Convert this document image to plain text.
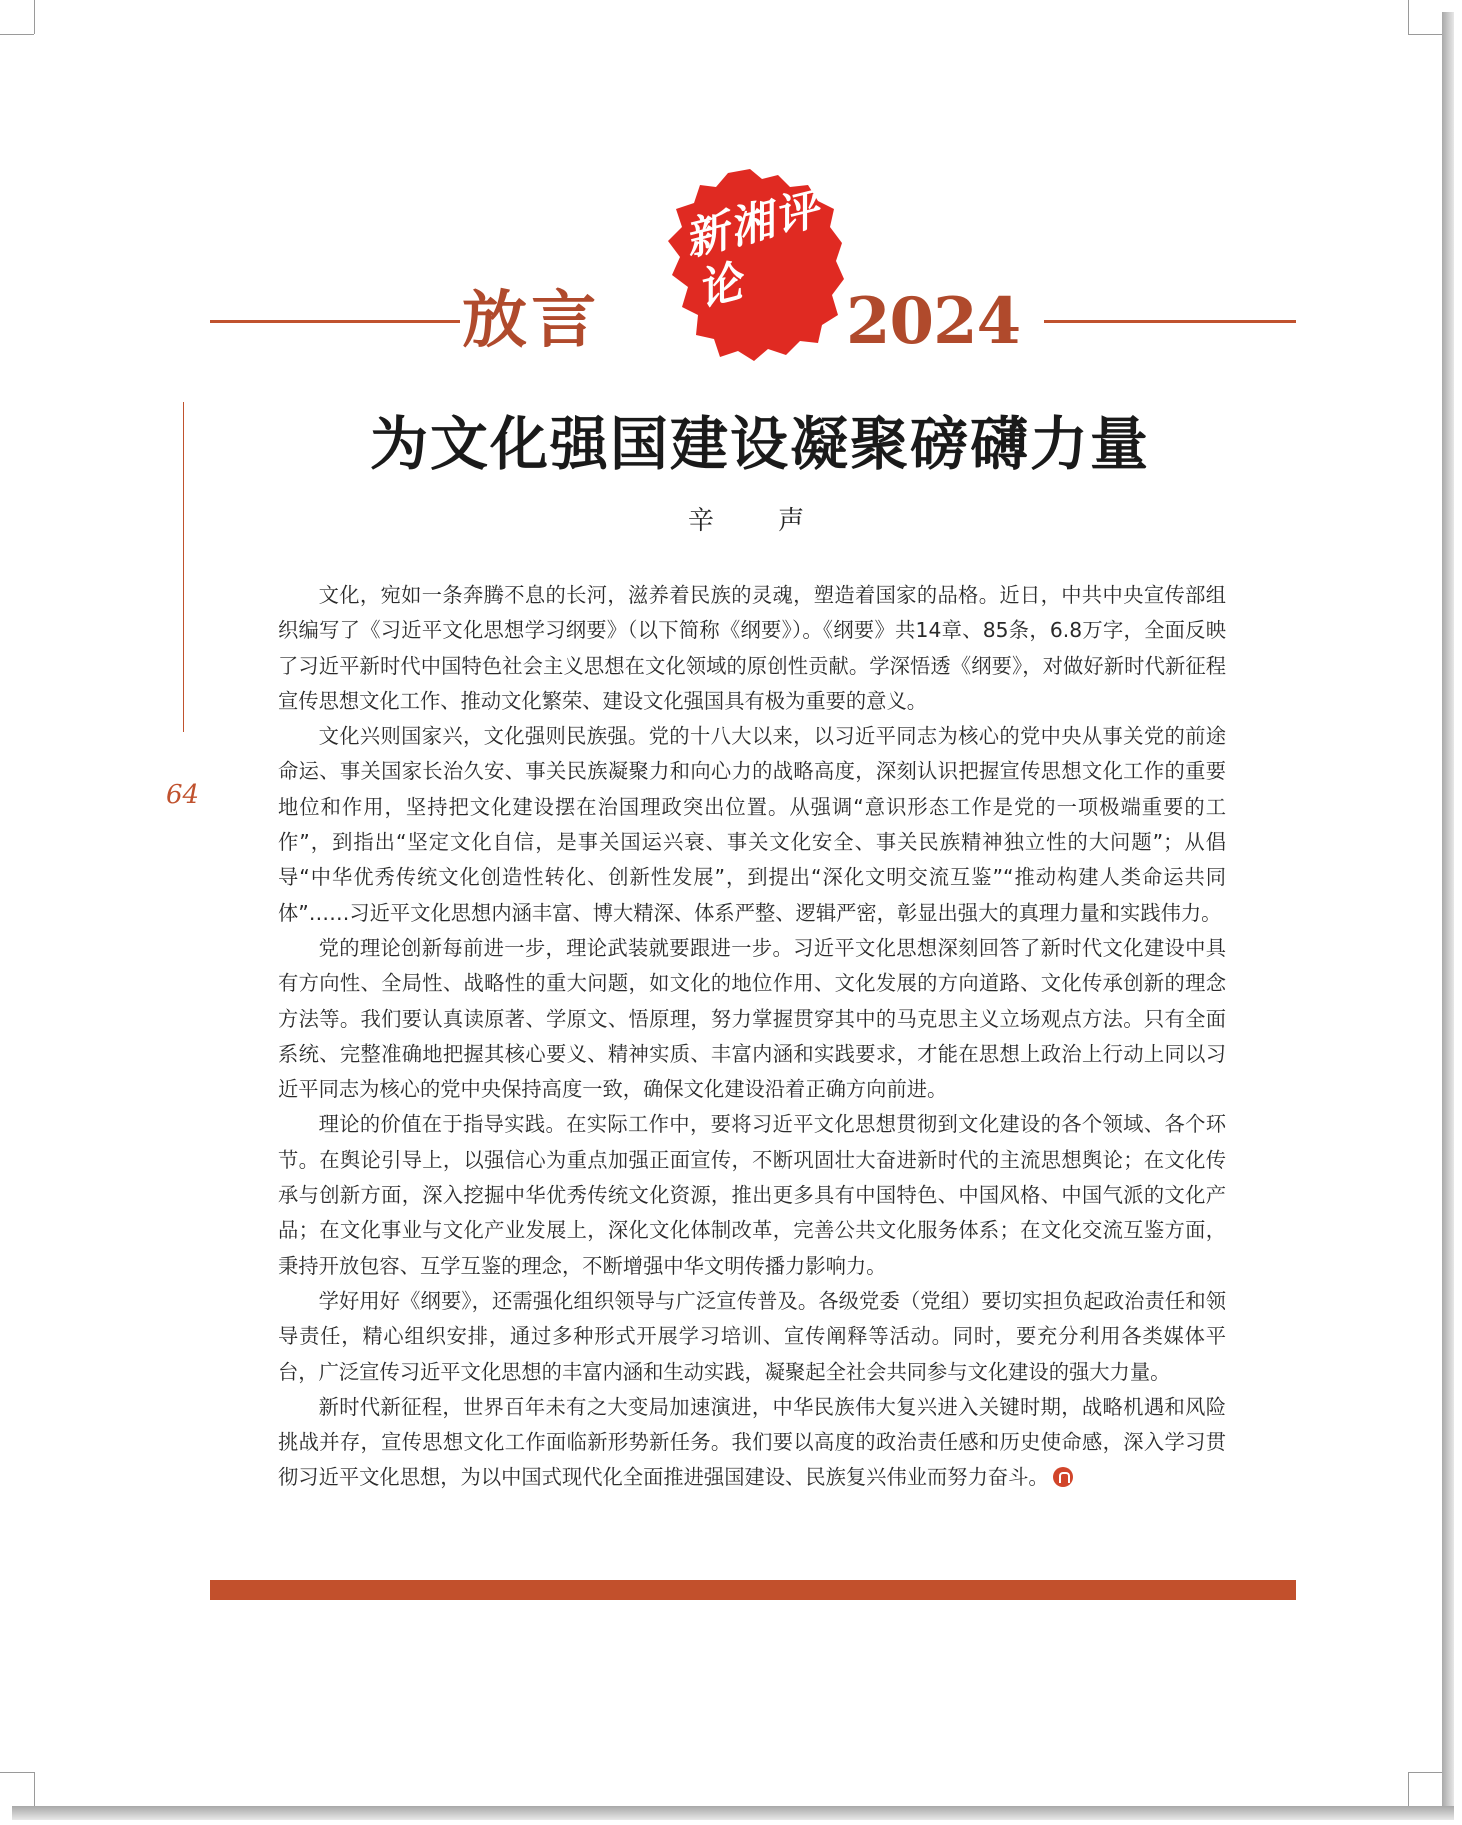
放言
新湘评论	2024
64
为文化强国建设凝聚磅礴力量
辛 声

文化，宛如一条奔腾不息的长河，滋养着民族的灵魂，塑造着国家的品格。近日，中共中央宣传部组织编写了《习近平文化思想学习纲要》（以下简称《纲要》）。《纲要》共14章、85条，6.8万字，全面反映了习近平新时代中国特色社会主义思想在文化领域的原创性贡献。学深悟透《纲要》，对做好新时代新征程宣传思想文化工作、推动文化繁荣、建设文化强国具有极为重要的意义。

文化兴则国家兴，文化强则民族强。党的十八大以来，以习近平同志为核心的党中央从事关党的前途命运、事关国家长治久安、事关民族凝聚力和向心力的战略高度，深刻认识把握宣传思想文化工作的重要地位和作用，坚持把文化建设摆在治国理政突出位置。从强调“意识形态工作是党的一项极端重要的工作”，到指出“坚定文化自信，是事关国运兴衰、事关文化安全、事关民族精神独立性的大问题”；从倡导“中华优秀传统文化创造性转化、创新性发展”，到提出“深化文明交流互鉴”“推动构建人类命运共同体”……习近平文化思想内涵丰富、博大精深、体系严整、逻辑严密，彰显出强大的真理力量和实践伟力。

党的理论创新每前进一步，理论武装就要跟进一步。习近平文化思想深刻回答了新时代文化建设中具有方向性、全局性、战略性的重大问题，如文化的地位作用、文化发展的方向道路、文化传承创新的理念方法等。我们要认真读原著、学原文、悟原理，努力掌握贯穿其中的马克思主义立场观点方法。只有全面系统、完整准确地把握其核心要义、精神实质、丰富内涵和实践要求，才能在思想上政治上行动上同以习近平同志为核心的党中央保持高度一致，确保文化建设沿着正确方向前进。

理论的价值在于指导实践。在实际工作中，要将习近平文化思想贯彻到文化建设的各个领域、各个环节。在舆论引导上，以强信心为重点加强正面宣传，不断巩固壮大奋进新时代的主流思想舆论；在文化传承与创新方面，深入挖掘中华优秀传统文化资源，推出更多具有中国特色、中国风格、中国气派的文化产品；在文化事业与文化产业发展上，深化文化体制改革，完善公共文化服务体系；在文化交流互鉴方面，秉持开放包容、互学互鉴的理念，不断增强中华文明传播力影响力。

学好用好《纲要》，还需强化组织领导与广泛宣传普及。各级党委（党组）要切实担负起政治责任和领导责任，精心组织安排，通过多种形式开展学习培训、宣传阐释等活动。同时，要充分利用各类媒体平台，广泛宣传习近平文化思想的丰富内涵和生动实践，凝聚起全社会共同参与文化建设的强大力量。

新时代新征程，世界百年未有之大变局加速演进，中华民族伟大复兴进入关键时期，战略机遇和风险挑战并存，宣传思想文化工作面临新形势新任务。我们要以高度的政治责任感和历史使命感，深入学习贯彻习近平文化思想，为以中国式现代化全面推进强国建设、民族复兴伟业而努力奋斗。
